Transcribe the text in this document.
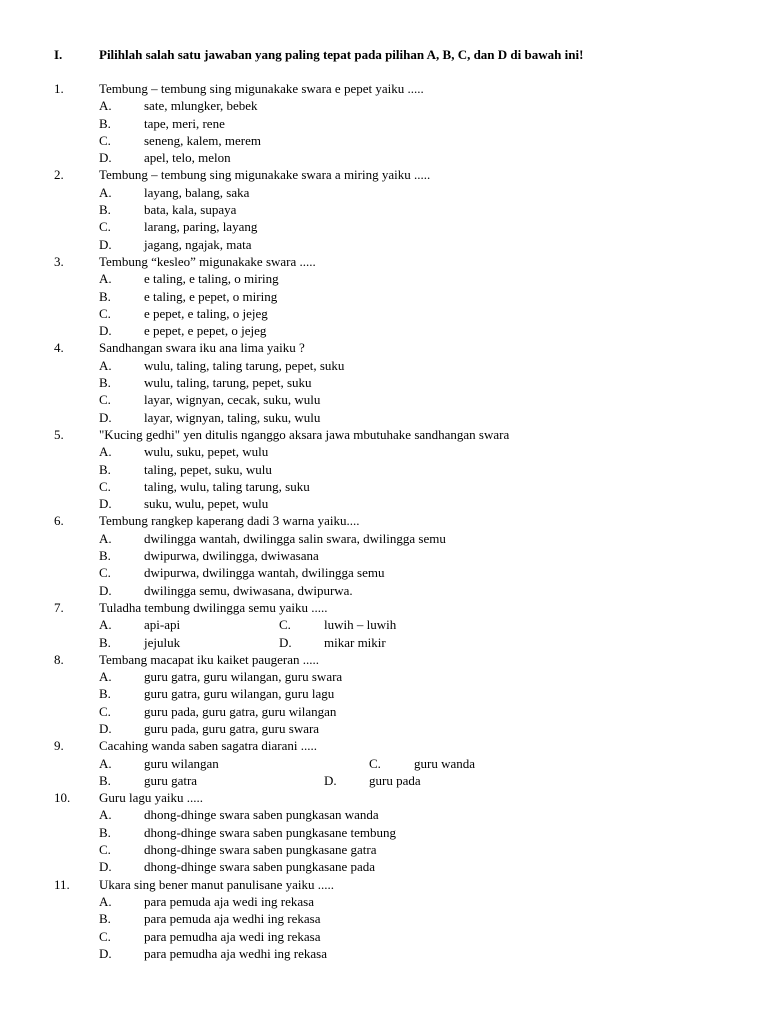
I.	Pilihlah salah satu jawaban yang paling tepat pada pilihan A, B, C, dan D di bawah ini!
1.	Tembung – tembung sing migunakake swara e pepet yaiku .....
A. sate, mlungker, bebek
B.	tape, meri, rene
C.	seneng, kalem, merem
D. apel, telo, melon
2.	Tembung – tembung sing migunakake swara a miring yaiku .....
A. layang, balang, saka
B.	bata, kala, supaya
C.	larang, paring, layang
D. jagang, ngajak, mata
3.	Tembung “kesleo” migunakake swara .....
A. e taling, e taling, o miring
B.	e taling, e pepet, o miring
C.	e pepet, e taling, o jejeg
D. e pepet, e pepet, o jejeg
4.	Sandhangan swara iku ana lima yaiku ?
A. wulu, taling, taling tarung, pepet, suku
B.	wulu, taling, tarung, pepet, suku
C.	layar, wignyan, cecak, suku, wulu
D. layar, wignyan, taling, suku, wulu
5.	"Kucing gedhi" yen ditulis nganggo aksara jawa mbutuhake sandhangan swara
A. wulu, suku, pepet, wulu
B.	taling, pepet, suku, wulu
C.	taling, wulu, taling tarung, suku
D. suku, wulu, pepet, wulu
6.	Tembung rangkep kaperang dadi 3 warna yaiku....
A. dwilingga wantah, dwilingga salin swara, dwilingga semu
B.	dwipurwa, dwilingga, dwiwasana
C.	dwipurwa, dwilingga wantah, dwilingga semu
D. dwilingga semu, dwiwasana, dwipurwa.
7.	Tuladha tembung dwilingga semu yaiku .....
A. api-api	C.	luwih – luwih
B.	jejuluk	D. mikar mikir
8.	Tembang macapat iku kaiket paugeran .....
A. guru gatra, guru wilangan, guru swara
B.	guru gatra, guru wilangan, guru lagu
C.	guru pada, guru gatra, guru wilangan
D. guru pada, guru gatra, guru swara
9.	Cacahing wanda saben sagatra diarani .....
A. guru wilangan	C.	guru wanda
B.	guru gatra	D. guru pada
10. Guru lagu yaiku .....
A. dhong-dhinge swara saben pungkasan wanda
B.	dhong-dhinge swara saben pungkasane tembung
C.	dhong-dhinge swara saben pungkasane gatra
D. dhong-dhinge swara saben pungkasane pada
11. Ukara sing bener manut panulisane yaiku .....
A. para pemuda aja wedi ing rekasa
B.	para pemuda aja wedhi ing rekasa
C.	para pemudha aja wedi ing rekasa
D. para pemudha aja wedhi ing rekasa
